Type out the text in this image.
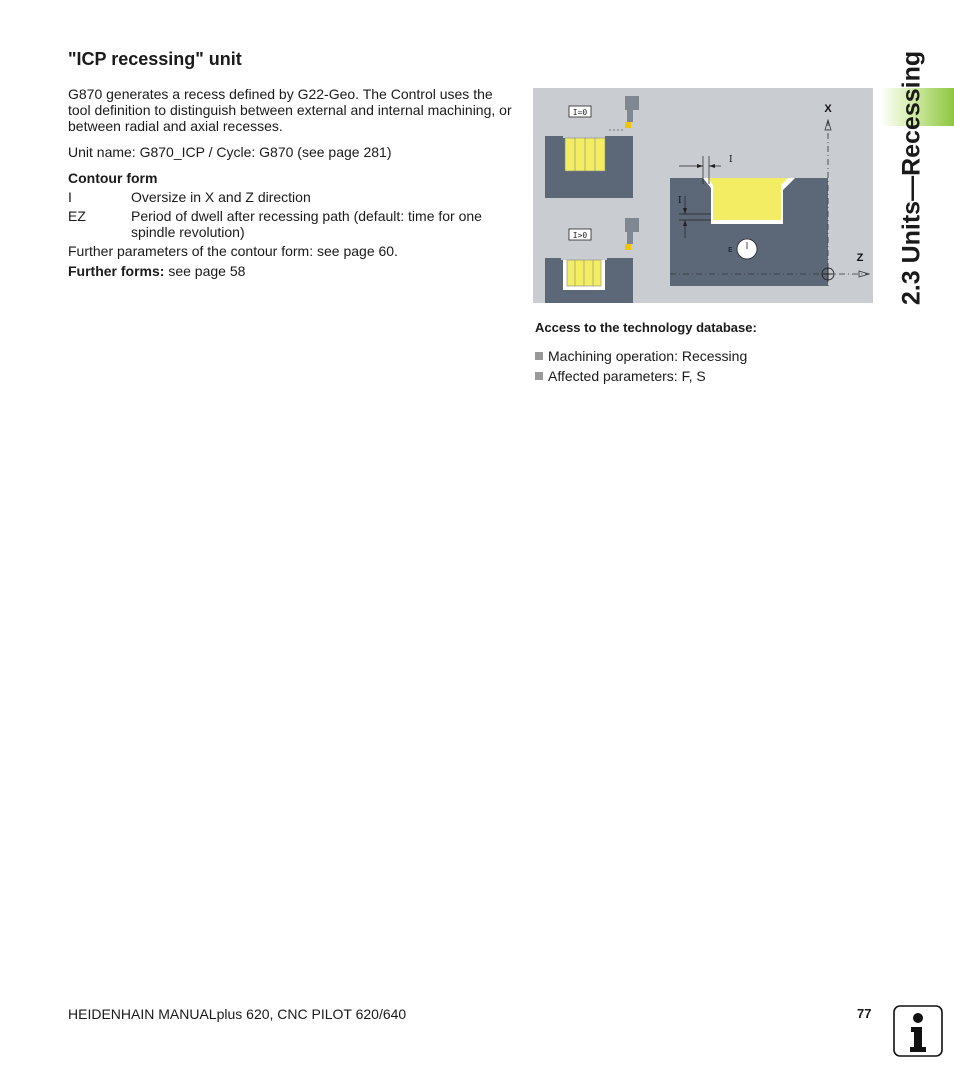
"ICP recessing" unit

G870 generates a recess defined by G22-Geo. The Control uses the tool definition to distinguish between external and internal machining, or between radial and axial recesses.

Unit name: G870_ICP / Cycle: G870 (see page 281)

Contour form

I	Oversize in X and Z direction
EZ	Period of dwell after recessing path (default: time for one spindle revolution)

Further parameters of the contour form: see page 60.

Further forms: see page 58

I=0
I>0
X
Z
I
I
E
Access to the technology database:
Machining operation: Recessing
Affected parameters: F, S
2.3 Units—Recessing
HEIDENHAIN MANUALplus 620, CNC PILOT 620/640	77
